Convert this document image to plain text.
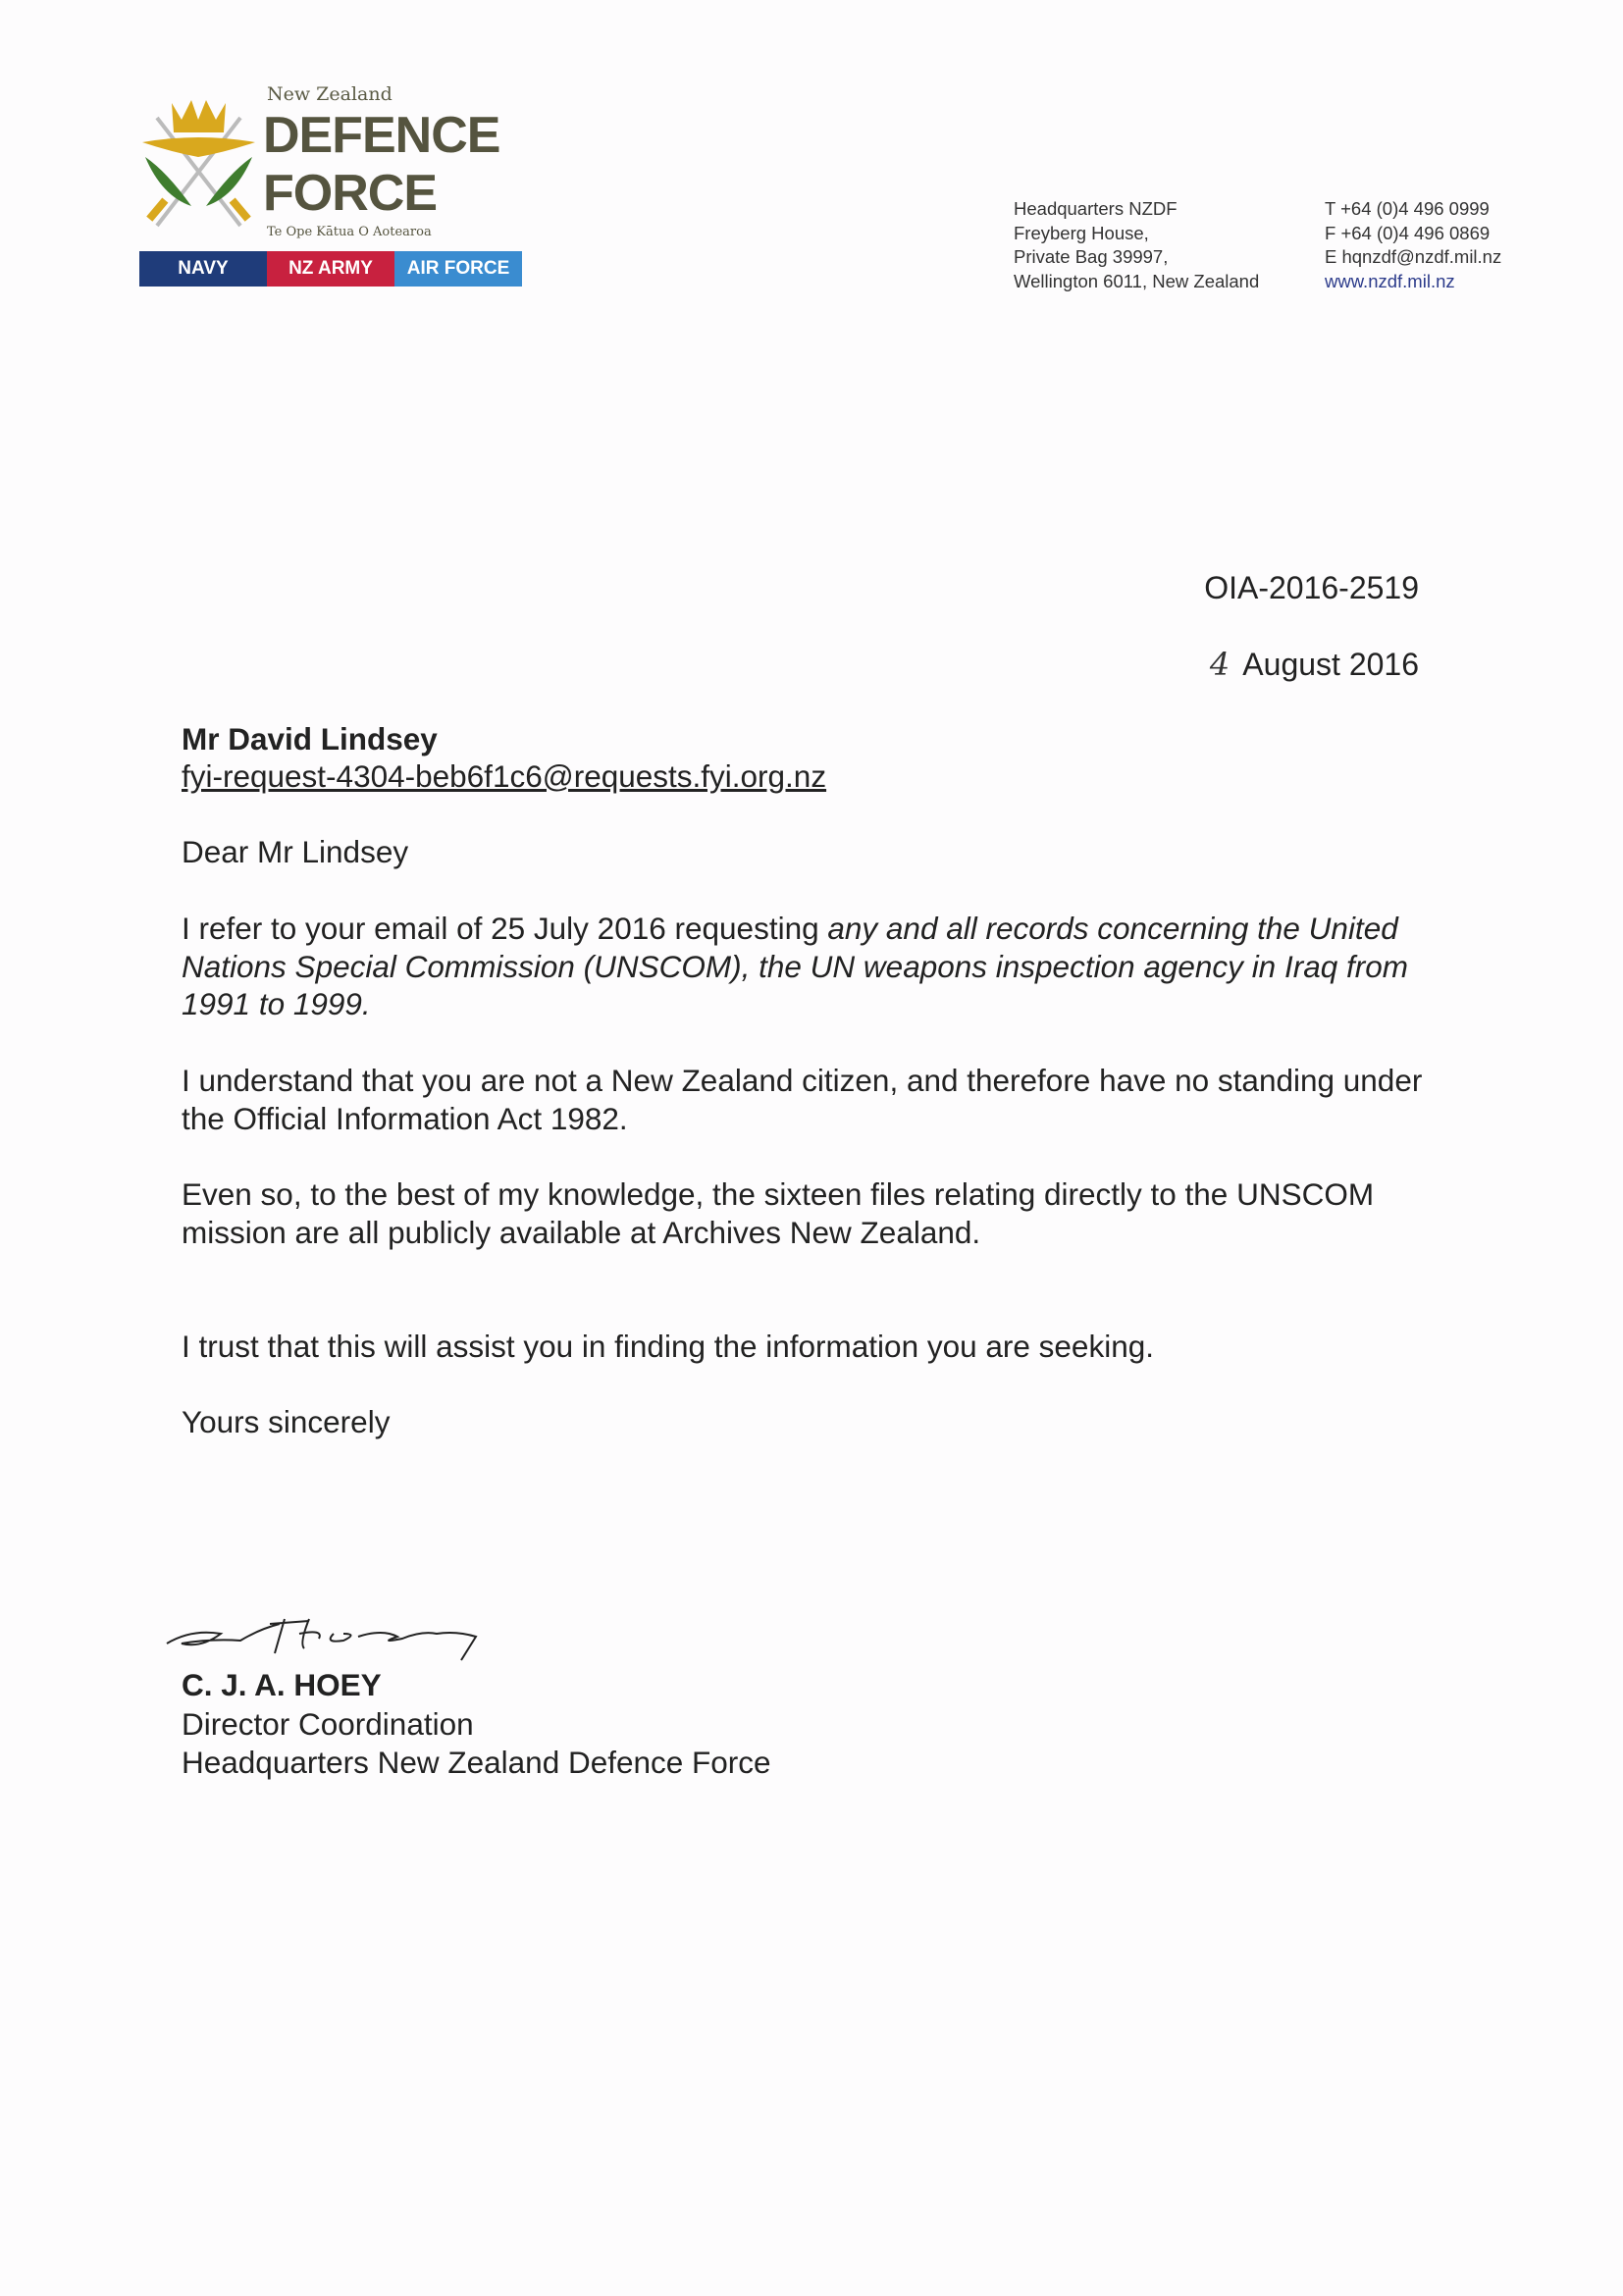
New Zealand
DEFENCE
FORCE
Te Ope Kātua O Aotearoa
NAVY	NZ ARMY	AIR FORCE
Headquarters NZDF
Freyberg House,
Private Bag 39997,
Wellington 6011, New Zealand
T +64 (0)4 496 0999
F +64 (0)4 496 0869
E hqnzdf@nzdf.mil.nz
www.nzdf.mil.nz
OIA-2016-2519
4 August 2016
Mr David Lindsey
fyi-request-4304-beb6f1c6@requests.fyi.org.nz
Dear Mr Lindsey
I refer to your email of 25 July 2016 requesting any and all records concerning the United Nations Special Commission (UNSCOM), the UN weapons inspection agency in Iraq from 1991 to 1999.
I understand that you are not a New Zealand citizen, and therefore have no standing under the Official Information Act 1982.
Even so, to the best of my knowledge, the sixteen files relating directly to the UNSCOM mission are all publicly available at Archives New Zealand.
I trust that this will assist you in finding the information you are seeking.
Yours sincerely
C. J. A. HOEY
Director Coordination
Headquarters New Zealand Defence Force
